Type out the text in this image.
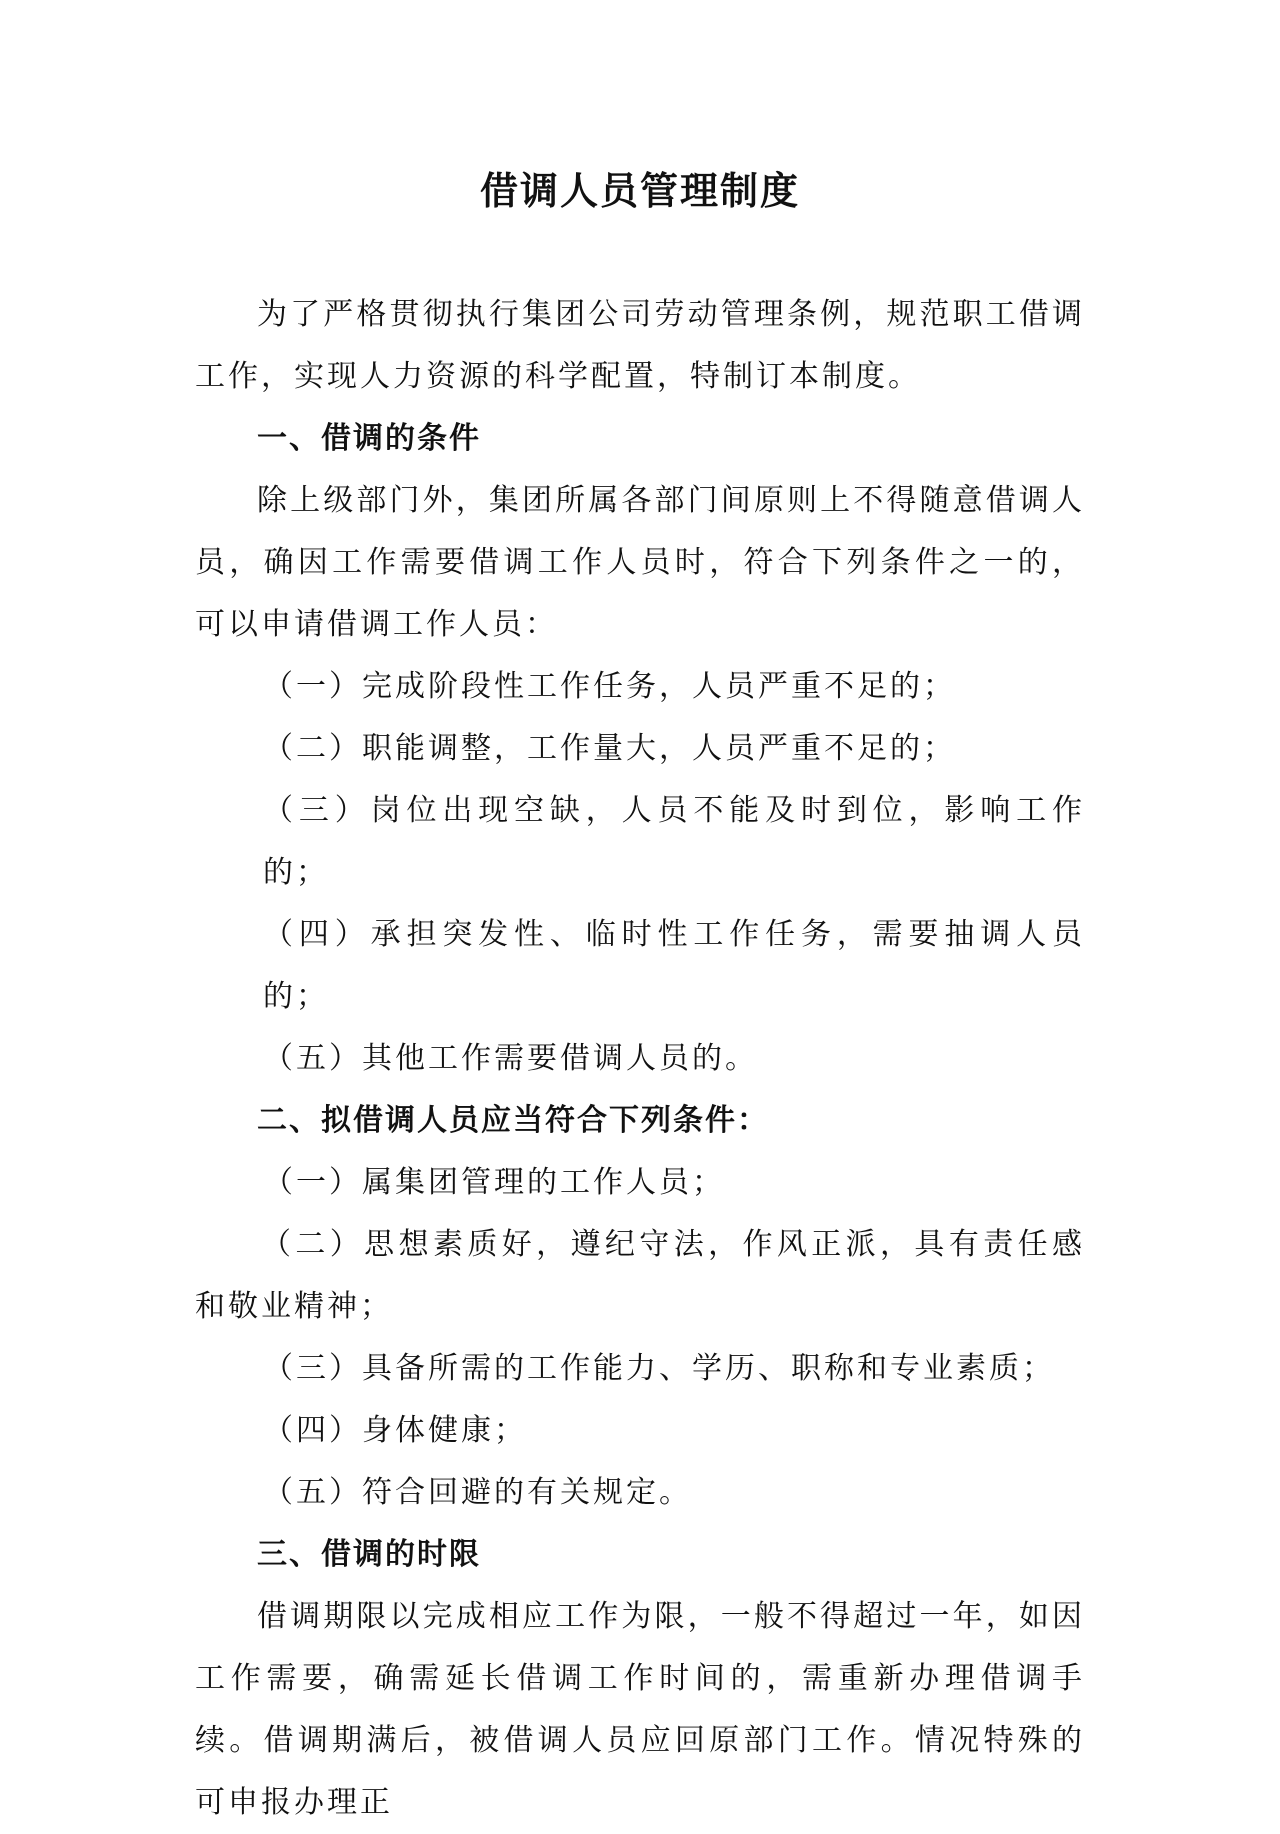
借调人员管理制度

为了严格贯彻执行集团公司劳动管理条例，规范职工借调工作，实现人力资源的科学配置，特制订本制度。

一、借调的条件

除上级部门外，集团所属各部门间原则上不得随意借调人员，确因工作需要借调工作人员时，符合下列条件之一的，可以申请借调工作人员：

（一）完成阶段性工作任务，人员严重不足的；

（二）职能调整，工作量大，人员严重不足的；

（三）岗位出现空缺，人员不能及时到位，影响工作的；

（四）承担突发性、临时性工作任务，需要抽调人员的；

（五）其他工作需要借调人员的。

二、拟借调人员应当符合下列条件：

（一）属集团管理的工作人员；

（二）思想素质好，遵纪守法，作风正派，具有责任感和敬业精神；

（三）具备所需的工作能力、学历、职称和专业素质；

（四）身体健康；

（五）符合回避的有关规定。

三、借调的时限

借调期限以完成相应工作为限，一般不得超过一年，如因工作需要，确需延长借调工作时间的，需重新办理借调手续。借调期满后，被借调人员应回原部门工作。情况特殊的可申报办理正
